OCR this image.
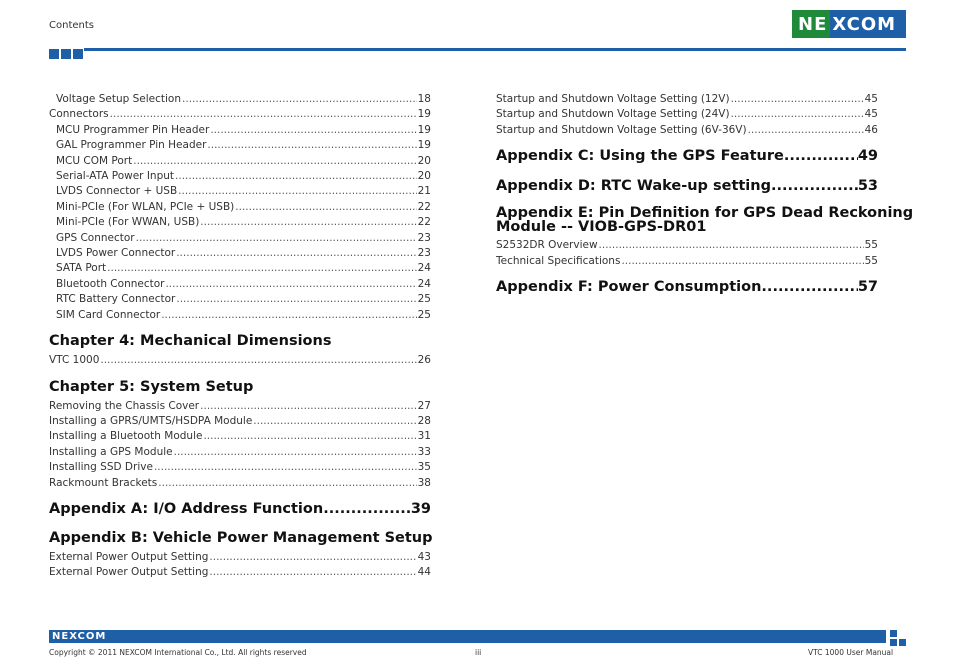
Contents	NE XCOM
Voltage Setup Selection .....	18
Connectors .....	19
MCU Programmer Pin Header .....	19
GAL Programmer Pin Header .....	19
MCU COM Port .....	20
Serial-ATA Power Input .....	20
LVDS Connector + USB .....	21
Mini-PCIe (For WLAN, PCIe + USB) .....	22
Mini-PCIe (For WWAN, USB) .....	22
GPS Connector .....	23
LVDS Power Connector .....	23
SATA Port .....	24
Bluetooth Connector .....	24
RTC Battery Connector .....	25
SIM Card Connector .....	25
Chapter 4: Mechanical Dimensions
VTC 1000 .....	26
Chapter 5: System Setup
Removing the Chassis Cover .....	27
Installing a GPRS/UMTS/HSDPA Module .....	28
Installing a Bluetooth Module .....	31
Installing a GPS Module .....	33
Installing SSD Drive .....	35
Rackmount Brackets .....	38
Appendix A: I/O Address Function .....	39
Appendix B: Vehicle Power Management Setup
External Power Output Setting .....	43
External Power Output Setting .....	44
Startup and Shutdown Voltage Setting (12V) .....	45
Startup and Shutdown Voltage Setting (24V) .....	45
Startup and Shutdown Voltage Setting (6V-36V) .....	46
Appendix C: Using the GPS Feature .....	49
Appendix D: RTC Wake-up setting .....	53
Appendix E: Pin Definition for GPS Dead Reckoning
Module -- VIOB-GPS-DR01
S2532DR Overview .....	55
Technical Specifications .....	55
Appendix F: Power Consumption .....	57
NEXCOM
Copyright © 2011 NEXCOM International Co., Ltd. All rights reserved	iii	VTC 1000 User Manual
